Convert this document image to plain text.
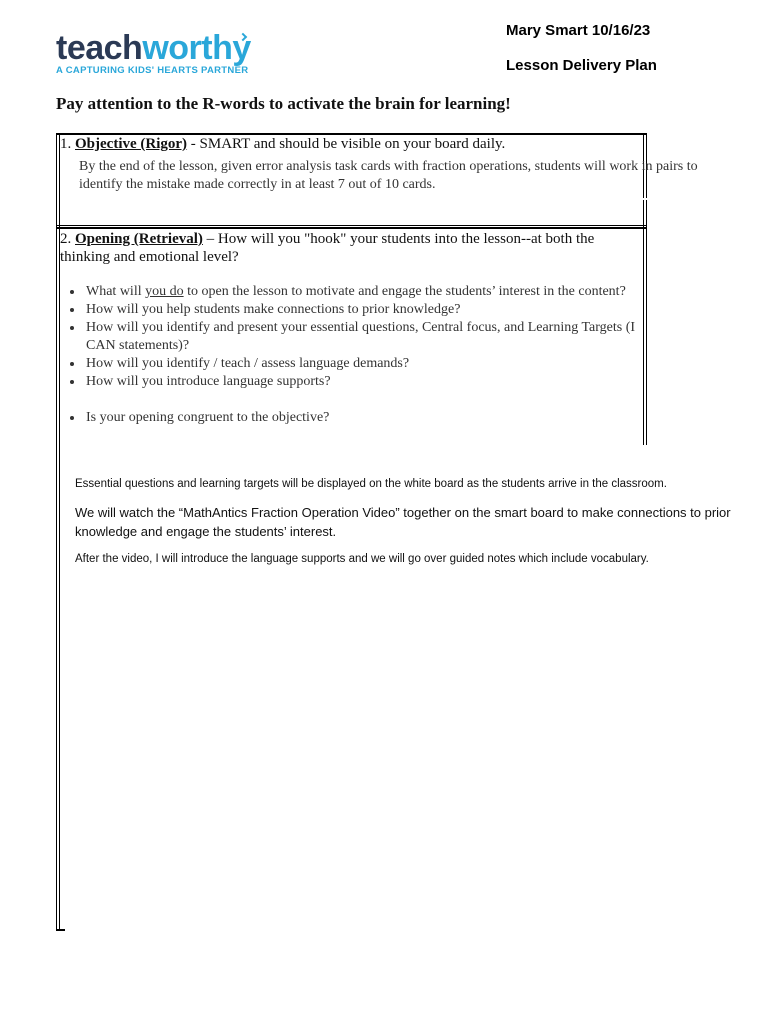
teachworthy
A CAPTURING KIDS' HEARTS PARTNER
Mary Smart 10/16/23
Lesson Delivery Plan
Pay attention to the R-words to activate the brain for learning!
1. Objective (Rigor) - SMART and should be visible on your board daily.
By the end of the lesson, given error analysis task cards with fraction operations, students will work in pairs to identify the mistake made correctly in at least 7 out of 10 cards.
2. Opening (Retrieval) – How will you "hook" your students into the lesson--at both the thinking and emotional level?
What will you do to open the lesson to motivate and engage the students’ interest in the content?
How will you help students make connections to prior knowledge?
How will you identify and present your essential questions, Central focus, and Learning Targets (I CAN statements)?
How will you identify / teach / assess language demands?
How will you introduce language supports?
Is your opening congruent to the objective?
Essential questions and learning targets will be displayed on the white board as the students arrive in the classroom.
We will watch the “MathAntics Fraction Operation Video” together on the smart board to make connections to prior knowledge and engage the students’ interest.
After the video, I will introduce the language supports and we will go over guided notes which include vocabulary.
